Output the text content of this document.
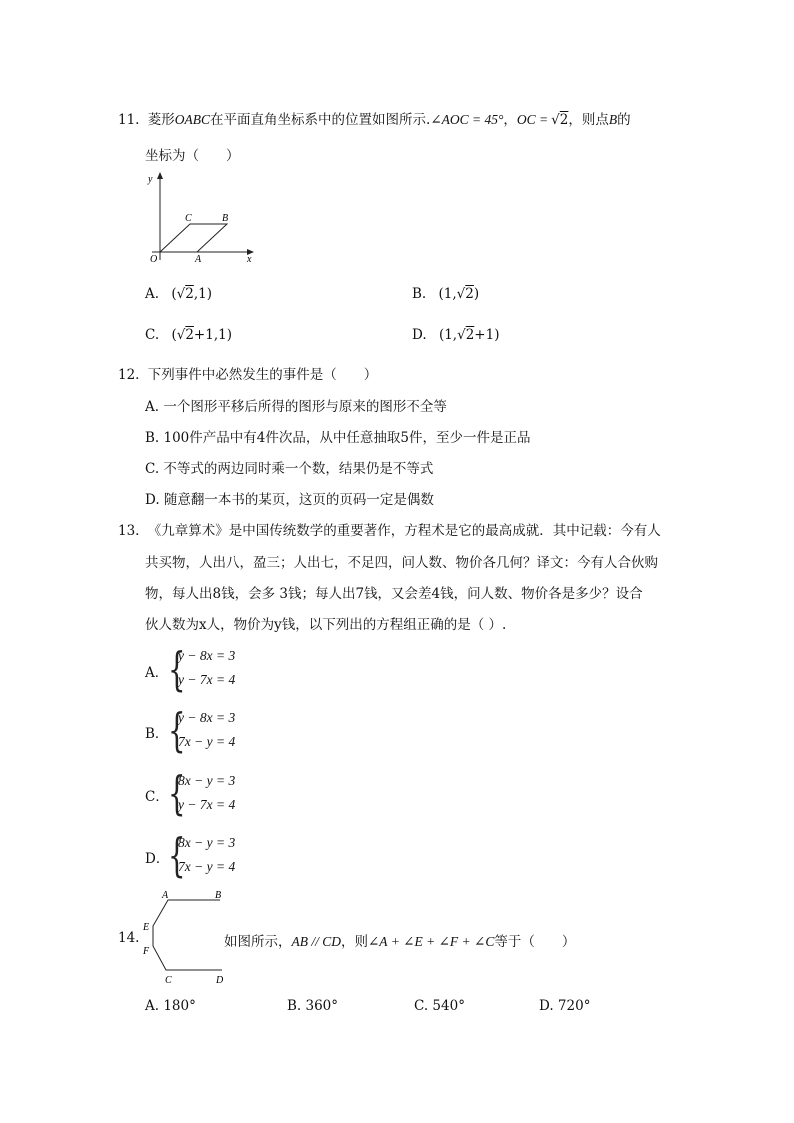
11. 菱形OABC在平面直角坐标系中的位置如图所示.∠AOC = 45°，OC = √2，则点B的
坐标为（　　）
y
x
O	A
B
C
A. (√2,1)	B. (1,√2)
C. (√2+1,1)	D. (1,√2+1)
12. 下列事件中必然发生的事件是（　　）
A. 一个图形平移后所得的图形与原来的图形不全等
B. 100件产品中有4件次品，从中任意抽取5件，至少一件是正品
C. 不等式的两边同时乘一个数，结果仍是不等式
D. 随意翻一本书的某页，这页的页码一定是偶数
13. 《九章算术》是中国传统数学的重要著作，方程术是它的最高成就．其中记载：今有人
共买物，人出八，盈三；人出七，不足四，问人数、物价各几何？译文：今有人合伙购
物，每人出8钱，会多 3钱；每人出7钱，又会差4钱，问人数、物价各是多少？设合
伙人数为x人，物价为y钱，以下列出的方程组正确的是（ ）.
A． {
y − 8x = 3
y − 7x = 4
B． {
y − 8x = 3
7x − y = 4
C． {
8x − y = 3
y − 7x = 4
D．
{
8x − y = 3
7x − y = 4
A	B
E
F
C	D
14.	如图所示，AB // CD，则∠A + ∠E + ∠F + ∠C等于（　　）
A. 180°	B. 360°	C. 540°	D. 720°
